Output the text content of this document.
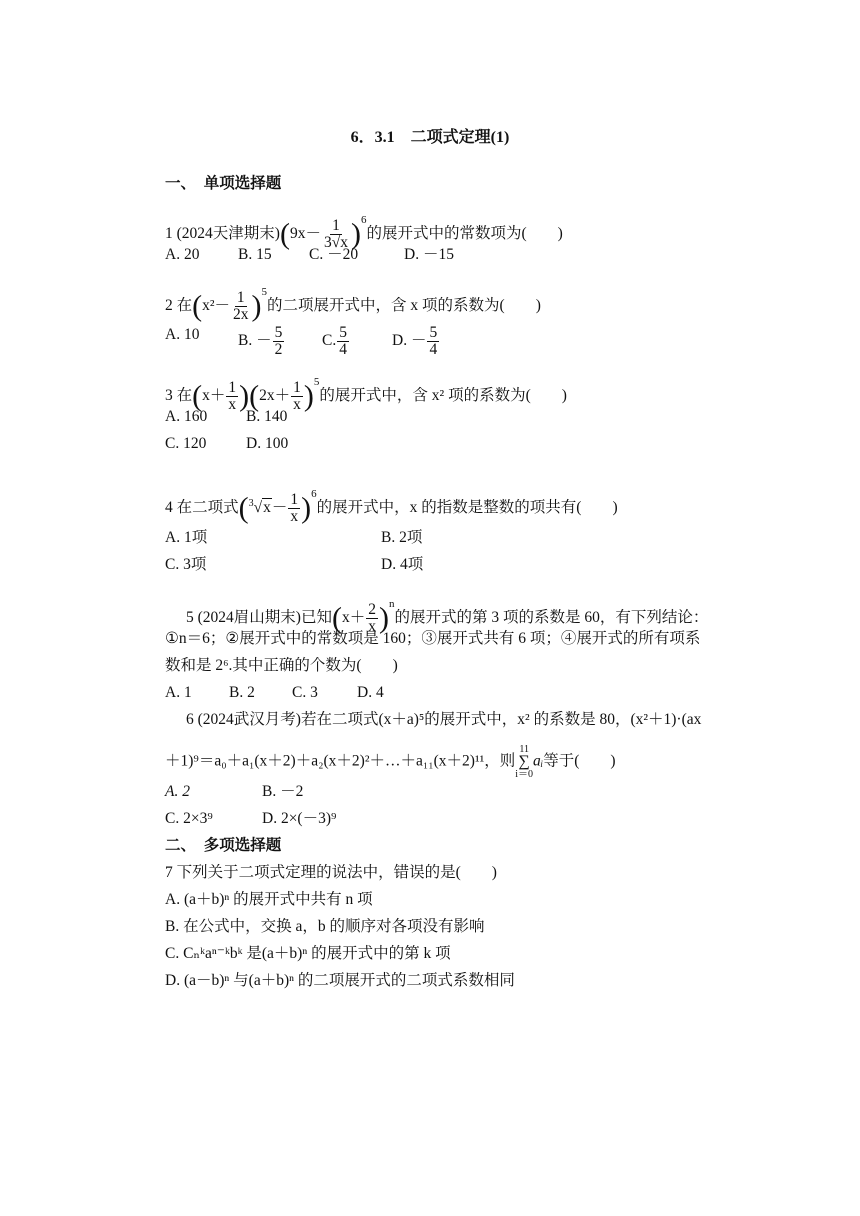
6．3.1　二项式定理(1)
一、　单项选择题
1 (2024天津期末)$(9x- \frac{1}{3√x} )^6$的展开式中的常数项为(　　)
A. 20 B. 15 C. －20	D. －15
2 在$(x^2- \frac{1}{2x} )^5$的二项展开式中，含 x 项的系数为(　　)
A. 10 B. － $\frac{5}{2} C$. $\frac{5}{4}$	D. － $\frac{5}{4}$
3 在$(x+ \frac{1}{x} )(2x+ \frac{1}{x} )^5$的展开式中，含 x² 项的系数为(　　)
A. 160	B. 140
C. 120	D. 100
4 在二项式$(^3√x- \frac{1}{x} )^6$的展开式中，x 的指数是整数的项共有(　　)
A. 1项	B. 2项
C. 3项	D. 4项
5 (2024眉山期末)已知$(x+ \frac{2}{x} )^n$的展开式的第 3 项的系数是 60，有下列结论：
①n＝6；②展开式中的常数项是 160；③展开式共有 6 项；④展开式的所有项系
数和是 2⁶.其中正确的个数为(　　)
A. 1 B. 2 C. 3	D. 4
6 (2024武汉月考)若在二项式(x＋a)⁵的展开式中，x² 的系数是 80，(x²＋1)·(ax
＋1)⁹＝a₀＋a₁(x＋2)＋a₂(x＋2)²＋…＋a₁₁(x＋2)¹¹，则
11
∑
i＝0
aᵢ等于(　　)
A. 2	B. －2
C. 2×3⁹	D. 2×(－3)⁹
二、　多项选择题
7 下列关于二项式定理的说法中，错误的是(　　)
A. (a＋b)ⁿ 的展开式中共有 n 项
B. 在公式中，交换 a，b 的顺序对各项没有影响
C. Cₙᵏaⁿ⁻ᵏbᵏ 是(a＋b)ⁿ 的展开式中的第 k 项
D. (a－b)ⁿ 与(a＋b)ⁿ 的二项展开式的二项式系数相同
